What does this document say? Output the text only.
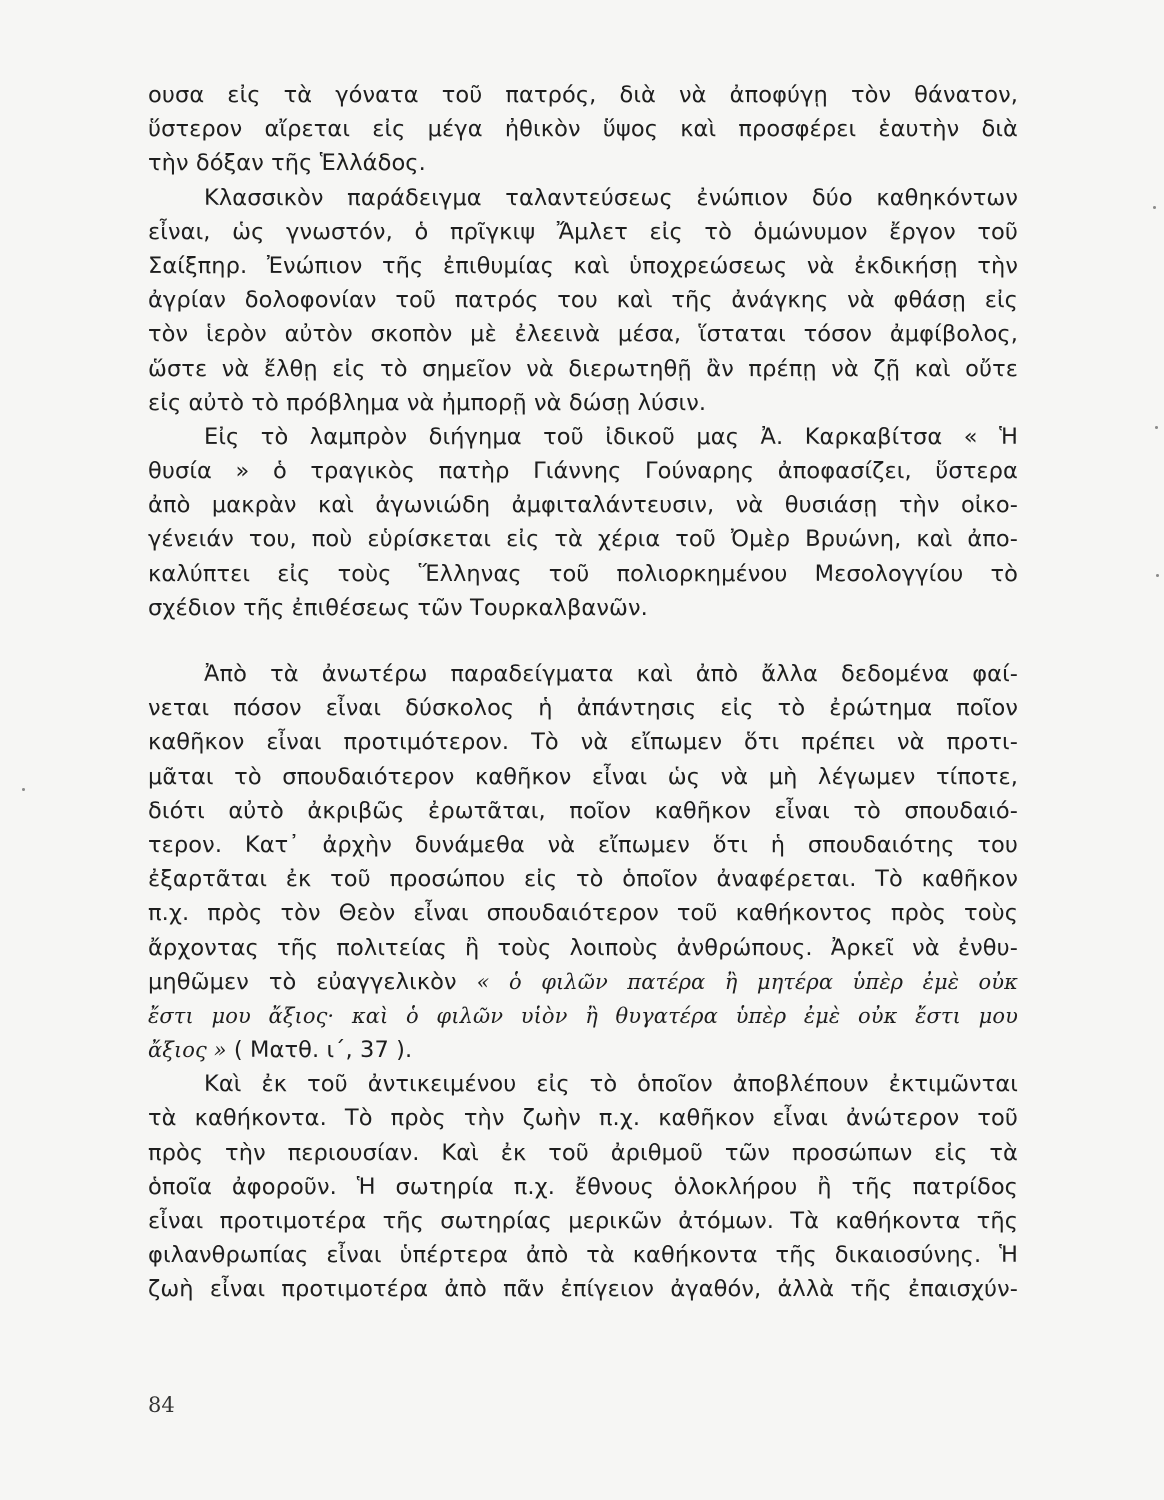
ουσα εἰς τὰ γόνατα τοῦ πατρός, διὰ νὰ ἀποφύγῃ τὸν θάνατον,
ὕστερον αἴρεται εἰς μέγα ἠθικὸν ὕψος καὶ προσφέρει ἑαυτὴν διὰ
τὴν δόξαν τῆς Ἑλλάδος.
Κλασσικὸν παράδειγμα ταλαντεύσεως ἐνώπιον δύο καθηκόντων
εἶναι, ὡς γνωστόν, ὁ πρῖγκιψ Ἄμλετ εἰς τὸ ὁμώνυμον ἔργον τοῦ
Σαίξπηρ. Ἐνώπιον τῆς ἐπιθυμίας καὶ ὑποχρεώσεως νὰ ἐκδικήσῃ τὴν
ἀγρίαν δολοφονίαν τοῦ πατρός του καὶ τῆς ἀνάγκης νὰ φθάσῃ εἰς
τὸν ἱερὸν αὐτὸν σκοπὸν μὲ ἐλεεινὰ μέσα, ἵσταται τόσον ἀμφίβολος,
ὥστε νὰ ἔλθῃ εἰς τὸ σημεῖον νὰ διερωτηθῇ ἂν πρέπῃ νὰ ζῇ καὶ οὔτε
εἰς αὐτὸ τὸ πρόβλημα νὰ ἠμπορῇ νὰ δώσῃ λύσιν.
Εἰς τὸ λαμπρὸν διήγημα τοῦ ἰδικοῦ μας Ἀ. Καρκαβίτσα « Ἡ
θυσία » ὁ τραγικὸς πατὴρ Γιάννης Γούναρης ἀποφασίζει, ὕστερα
ἀπὸ μακρὰν καὶ ἀγωνιώδη ἀμφιταλάντευσιν, νὰ θυσιάσῃ τὴν οἰκο-
γένειάν του, ποὺ εὑρίσκεται εἰς τὰ χέρια τοῦ Ὀμὲρ Βρυώνη, καὶ ἀπο-
καλύπτει εἰς τοὺς Ἕλληνας τοῦ πολιορκημένου Μεσολογγίου τὸ
σχέδιον τῆς ἐπιθέσεως τῶν Τουρκαλβανῶν.
Ἀπὸ τὰ ἀνωτέρω παραδείγματα καὶ ἀπὸ ἄλλα δεδομένα φαί-
νεται πόσον εἶναι δύσκολος ἡ ἀπάντησις εἰς τὸ ἐρώτημα ποῖον
καθῆκον εἶναι προτιμότερον. Τὸ νὰ εἴπωμεν ὅτι πρέπει νὰ προτι-
μᾶται τὸ σπουδαιότερον καθῆκον εἶναι ὡς νὰ μὴ λέγωμεν τίποτε,
διότι αὐτὸ ἀκριβῶς ἐρωτᾶται, ποῖον καθῆκον εἶναι τὸ σπουδαιό-
τερον. Κατ᾽ ἀρχὴν δυνάμεθα νὰ εἴπωμεν ὅτι ἡ σπουδαιότης του
ἐξαρτᾶται ἐκ τοῦ προσώπου εἰς τὸ ὁποῖον ἀναφέρεται. Τὸ καθῆκον
π.χ. πρὸς τὸν Θεὸν εἶναι σπουδαιότερον τοῦ καθήκοντος πρὸς τοὺς
ἄρχοντας τῆς πολιτείας ἢ τοὺς λοιποὺς ἀνθρώπους. Ἀρκεῖ νὰ ἐνθυ-
μηθῶμεν τὸ εὐαγγελικὸν « ὁ φιλῶν πατέρα ἢ μητέρα ὑπὲρ ἐμὲ οὐκ
ἔστι μου ἄξιος· καὶ ὁ φιλῶν υἱὸν ἢ θυγατέρα ὑπὲρ ἐμὲ οὐκ ἔστι μου
ἄξιος » ( Ματθ. ι΄, 37 ).
Καὶ ἐκ τοῦ ἀντικειμένου εἰς τὸ ὁποῖον ἀποβλέπουν ἐκτιμῶνται
τὰ καθήκοντα. Τὸ πρὸς τὴν ζωὴν π.χ. καθῆκον εἶναι ἀνώτερον τοῦ
πρὸς τὴν περιουσίαν. Καὶ ἐκ τοῦ ἀριθμοῦ τῶν προσώπων εἰς τὰ
ὁποῖα ἀφοροῦν. Ἡ σωτηρία π.χ. ἔθνους ὁλοκλήρου ἢ τῆς πατρίδος
εἶναι προτιμοτέρα τῆς σωτηρίας μερικῶν ἀτόμων. Τὰ καθήκοντα τῆς
φιλανθρωπίας εἶναι ὑπέρτερα ἀπὸ τὰ καθήκοντα τῆς δικαιοσύνης. Ἡ
ζωὴ εἶναι προτιμοτέρα ἀπὸ πᾶν ἐπίγειον ἀγαθόν, ἀλλὰ τῆς ἐπαισχύν-
84
